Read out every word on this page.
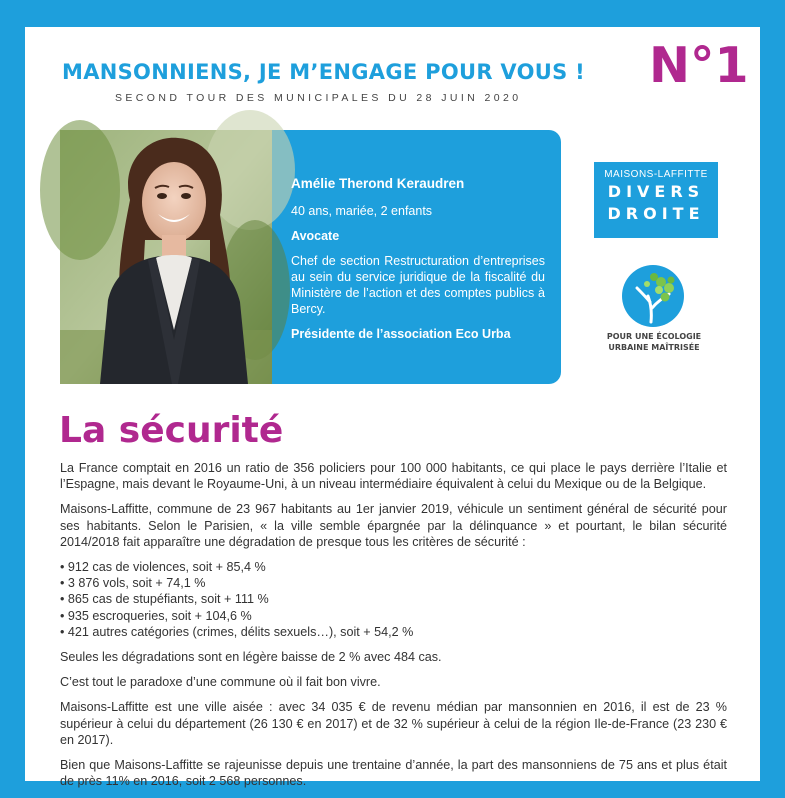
MANSONNIENS, JE M’ENGAGE POUR VOUS ! N°1
SECOND TOUR DES MUNICIPALES DU 28 JUIN 2020
Amélie Therond Keraudren

40 ans, mariée, 2 enfants

Avocate

Chef de section Restructuration d’entreprises au sein du service juridique de la fiscalité du Ministère de l’action et des comptes publics à Bercy.

Présidente de l’association Eco Urba

MAISONS-LAFFITTE
DIVERS
DROITE
POUR UNE ÉCOLOGIE
URBAINE MAÎTRISÉE
La sécurité

La France comptait en 2016 un ratio de 356 policiers pour 100 000 habitants, ce qui place le pays derrière l’Italie et l’Espagne, mais devant le Royaume-Uni, à un niveau intermédiaire équivalent à celui du Mexique ou de la Belgique.

Maisons-Laffitte, commune de 23 967 habitants au 1er janvier 2019, véhicule un sentiment général de sécurité pour ses habitants. Selon le Parisien, « la ville semble épargnée par la délinquance » et pourtant, le bilan sécurité 2014/2018 fait apparaître une dégradation de presque tous les critères de sécurité :

• 912 cas de violences, soit + 85,4 %
• 3 876 vols, soit + 74,1 %
• 865 cas de stupéfiants, soit + 111 %
• 935 escroqueries, soit + 104,6 %
• 421 autres catégories (crimes, délits sexuels…), soit + 54,2 %

Seules les dégradations sont en légère baisse de 2 % avec 484 cas.

C’est tout le paradoxe d’une commune où il fait bon vivre.

Maisons-Laffitte est une ville aisée : avec 34 035 € de revenu médian par mansonnien en 2016, il est de 23 % supérieur à celui du département (26 130 € en 2017) et de 32 % supérieur à celui de la région Ile-de-France (23 230 € en 2017).

Bien que Maisons-Laffitte se rajeunisse depuis une trentaine d’année, la part des mansonniens de 75 ans et plus était de près 11% en 2016, soit 2 568 personnes.
